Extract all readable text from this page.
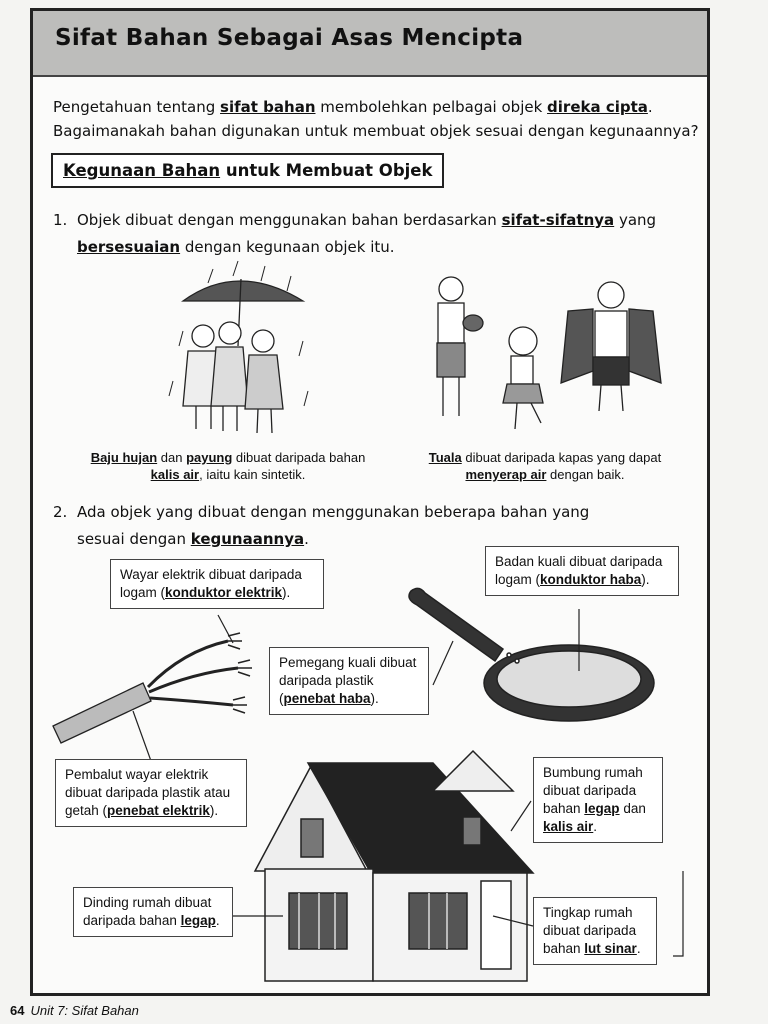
Sifat Bahan Sebagai Asas Mencipta
Pengetahuan tentang sifat bahan membolehkan pelbagai objek direka cipta.
Bagaimanakah bahan digunakan untuk membuat objek sesuai dengan kegunaannya?
Kegunaan Bahan untuk Membuat Objek
1. Objek dibuat dengan menggunakan bahan berdasarkan sifat-sifatnya yang bersesuaian dengan kegunaan objek itu.
Baju hujan dan payung dibuat daripada bahan
kalis air, iaitu kain sintetik.
Tuala dibuat daripada kapas yang dapat
menyerap air dengan baik.
2. Ada objek yang dibuat dengan menggunakan beberapa bahan yang sesuai dengan kegunaannya.
Wayar elektrik dibuat daripada logam (konduktor elektrik).
Badan kuali dibuat daripada logam (konduktor haba).
Pemegang kuali dibuat daripada plastik (penebat haba).
Pembalut wayar elektrik dibuat daripada plastik atau getah (penebat elektrik).
Bumbung rumah dibuat daripada bahan legap dan kalis air.
Dinding rumah dibuat daripada bahan legap.
Tingkap rumah dibuat daripada bahan lut sinar.
64 Unit 7: Sifat Bahan
